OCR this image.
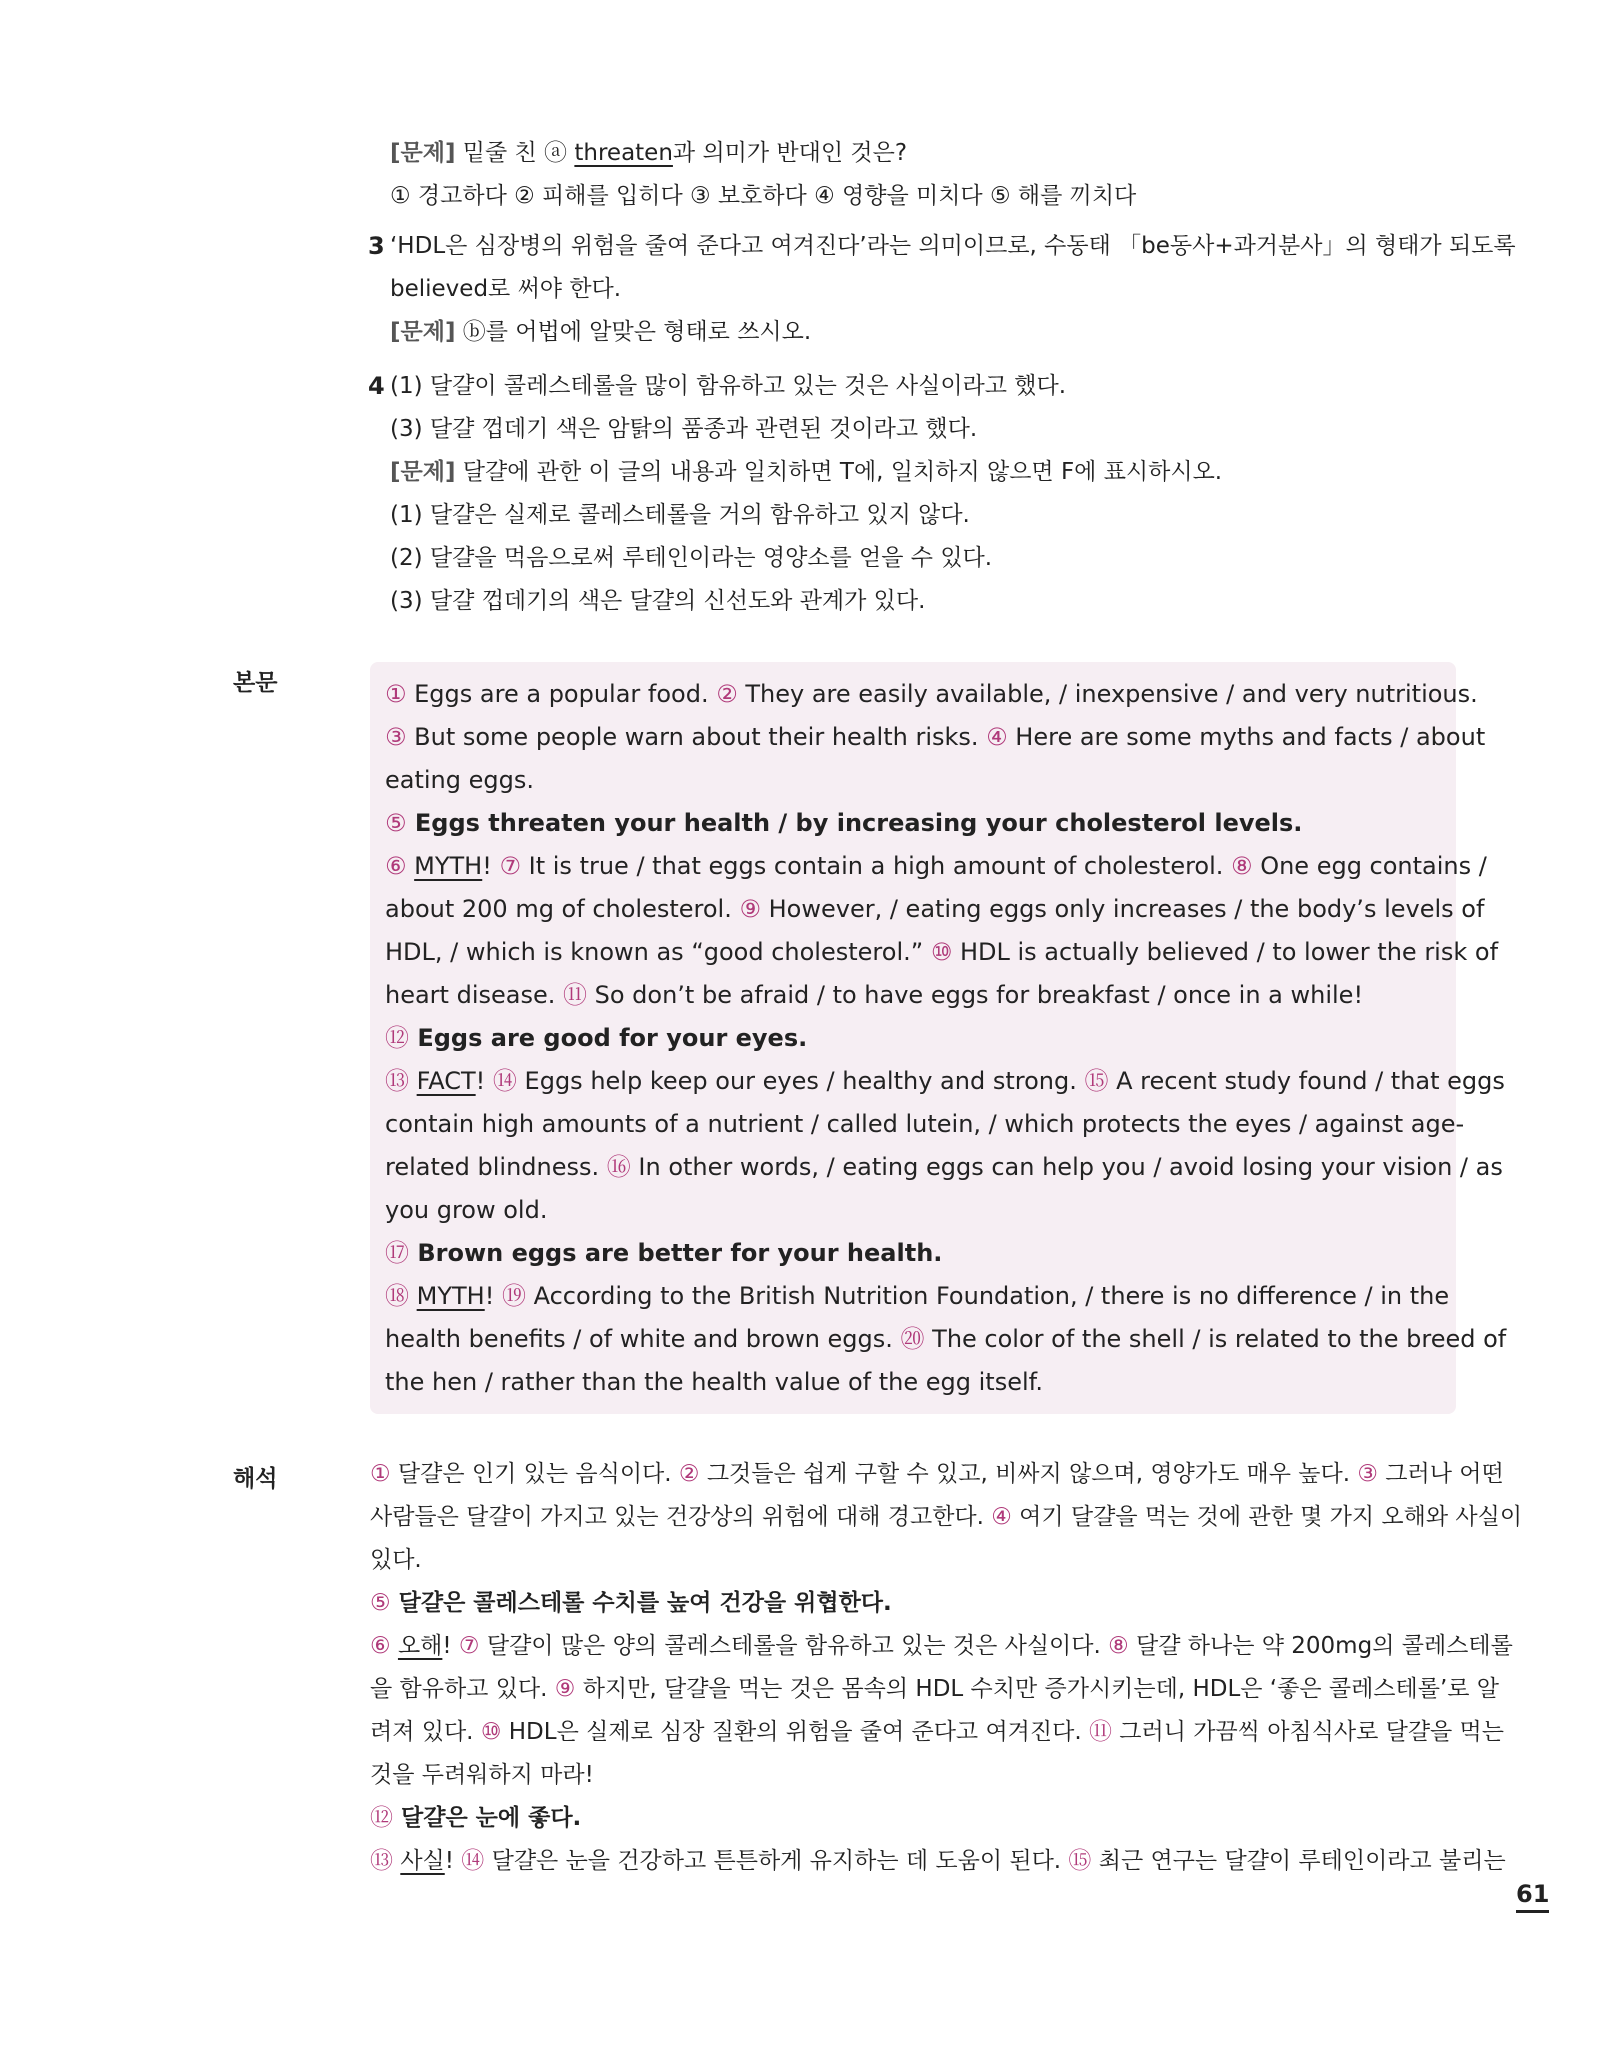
[문제] 밑줄 친 ⓐ threaten과 의미가 반대인 것은?
① 경고하다 ② 피해를 입히다 ③ 보호하다 ④ 영향을 미치다 ⑤ 해를 끼치다
3 ‘HDL은 심장병의 위험을 줄여 준다고 여겨진다’라는 의미이므로, 수동태 「be동사+과거분사」의 형태가 되도록
believed로 써야 한다.
[문제] ⓑ를 어법에 알맞은 형태로 쓰시오.
4 (1) 달걀이 콜레스테롤을 많이 함유하고 있는 것은 사실이라고 했다.
(3) 달걀 껍데기 색은 암탉의 품종과 관련된 것이라고 했다.
[문제] 달걀에 관한 이 글의 내용과 일치하면 T에, 일치하지 않으면 F에 표시하시오.
(1) 달걀은 실제로 콜레스테롤을 거의 함유하고 있지 않다.
(2) 달걀을 먹음으로써 루테인이라는 영양소를 얻을 수 있다.
(3) 달걀 껍데기의 색은 달걀의 신선도와 관계가 있다.
본문	① Eggs are a popular food. ② They are easily available, / inexpensive / and very nutritious.
③ But some people warn about their health risks. ④ Here are some myths and facts / about
eating eggs.
⑤ Eggs threaten your health / by increasing your cholesterol levels.
⑥ MYTH! ⑦ It is true / that eggs contain a high amount of cholesterol. ⑧ One egg contains /
about 200 mg of cholesterol. ⑨ However, / eating eggs only increases / the body’s levels of
HDL, / which is known as “good cholesterol.” ⑩ HDL is actually believed / to lower the risk of
heart disease. ⑪ So don’t be afraid / to have eggs for breakfast / once in a while!
⑫ Eggs are good for your eyes.
⑬ FACT! ⑭ Eggs help keep our eyes / healthy and strong. ⑮ A recent study found / that eggs
contain high amounts of a nutrient / called lutein, / which protects the eyes / against age-
related blindness. ⑯ In other words, / eating eggs can help you / avoid losing your vision / as
you grow old.
⑰ Brown eggs are better for your health.
⑱ MYTH! ⑲ According to the British Nutrition Foundation, / there is no difference / in the
health benefits / of white and brown eggs. ⑳ The color of the shell / is related to the breed of
the hen / rather than the health value of the egg itself.
해석	① 달걀은 인기 있는 음식이다. ② 그것들은 쉽게 구할 수 있고, 비싸지 않으며, 영양가도 매우 높다. ③ 그러나 어떤
사람들은 달걀이 가지고 있는 건강상의 위험에 대해 경고한다. ④ 여기 달걀을 먹는 것에 관한 몇 가지 오해와 사실이
있다.
⑤ 달걀은 콜레스테롤 수치를 높여 건강을 위협한다.
⑥ 오해! ⑦ 달걀이 많은 양의 콜레스테롤을 함유하고 있는 것은 사실이다. ⑧ 달걀 하나는 약 200mg의 콜레스테롤
을 함유하고 있다. ⑨ 하지만, 달걀을 먹는 것은 몸속의 HDL 수치만 증가시키는데, HDL은 ‘좋은 콜레스테롤’로 알
려져 있다. ⑩ HDL은 실제로 심장 질환의 위험을 줄여 준다고 여겨진다. ⑪ 그러니 가끔씩 아침식사로 달걀을 먹는
것을 두려워하지 마라!
⑫ 달걀은 눈에 좋다.
⑬ 사실! ⑭ 달걀은 눈을 건강하고 튼튼하게 유지하는 데 도움이 된다. ⑮ 최근 연구는 달걀이 루테인이라고 불리는
61
